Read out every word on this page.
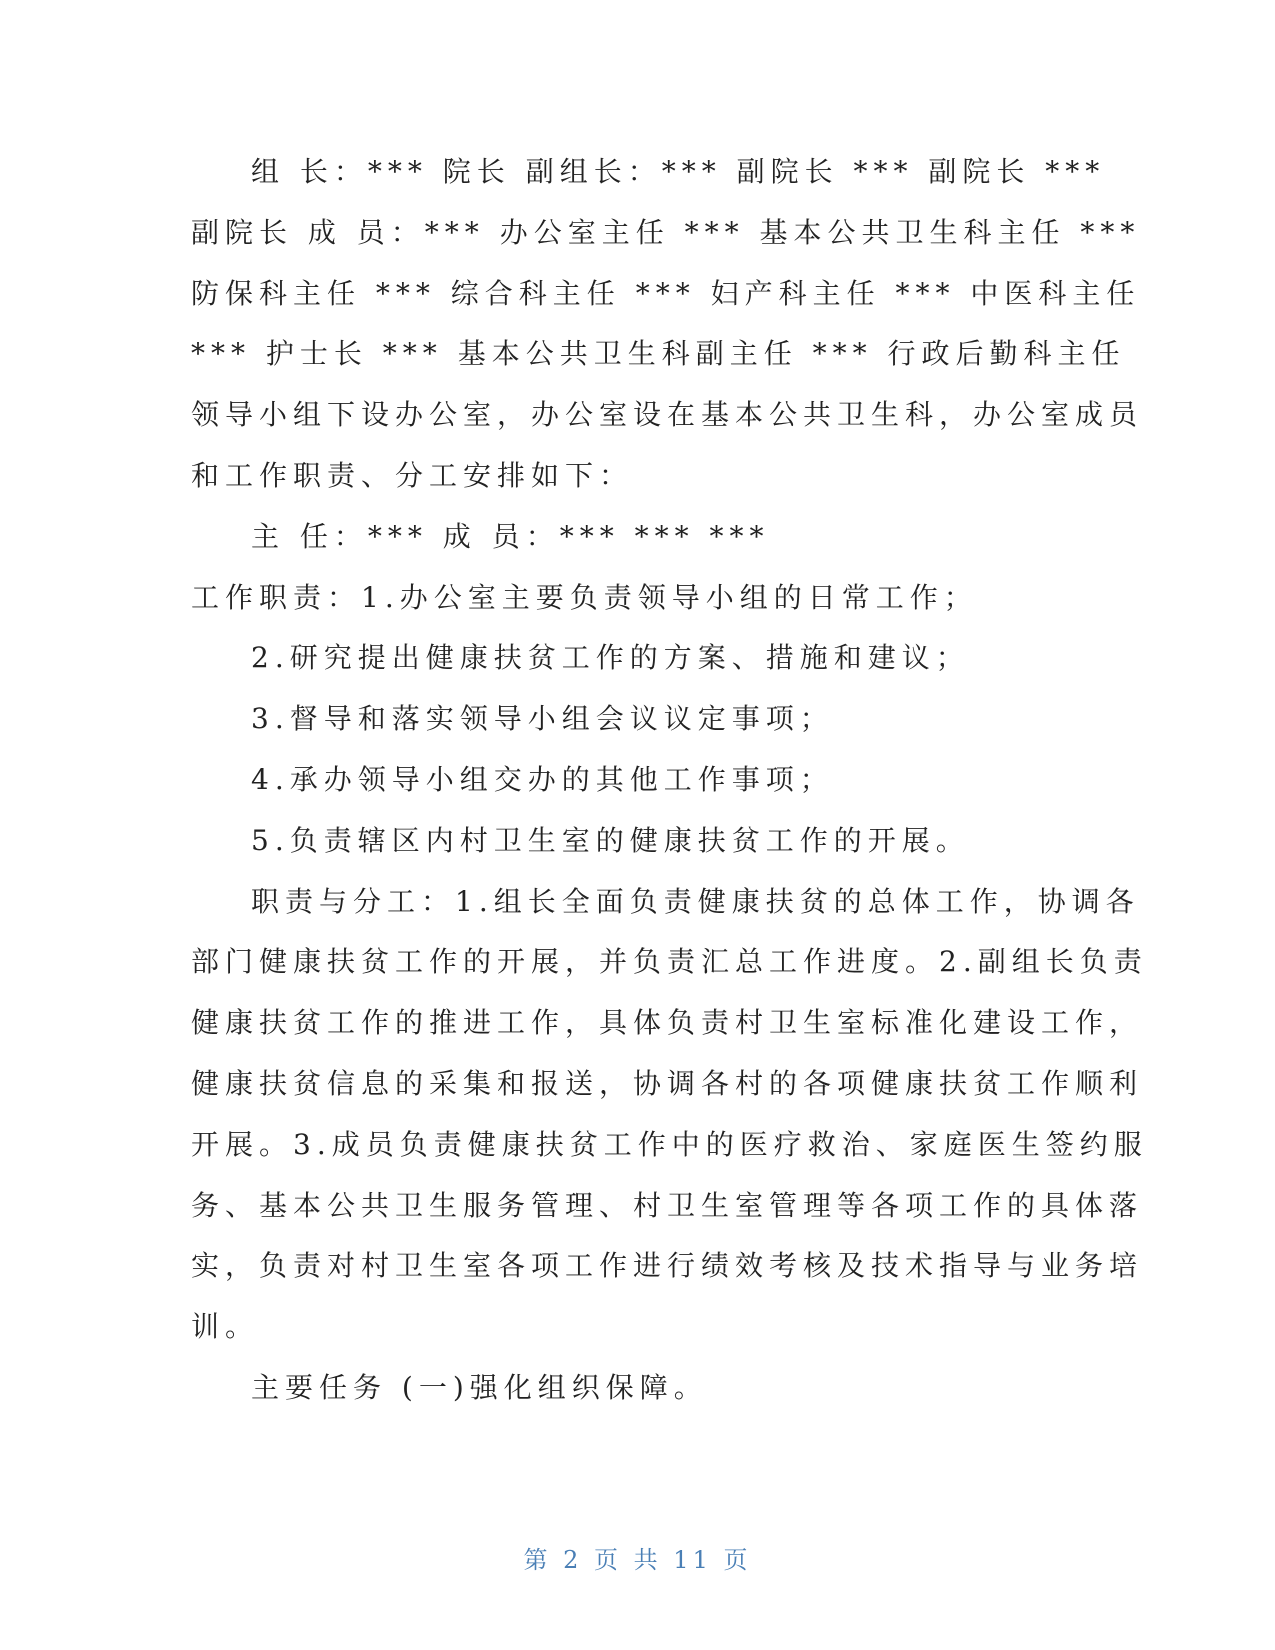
组 长：*** 院长 副组长：*** 副院长 *** 副院长 ***
副院长 成 员：*** 办公室主任 *** 基本公共卫生科主任 ***
防保科主任 *** 综合科主任 *** 妇产科主任 *** 中医科主任
*** 护士长 *** 基本公共卫生科副主任 *** 行政后勤科主任
领导小组下设办公室，办公室设在基本公共卫生科，办公室成员
和工作职责、分工安排如下：
主 任：*** 成 员：*** *** ***
工作职责：1.办公室主要负责领导小组的日常工作；
2.研究提出健康扶贫工作的方案、措施和建议；
3.督导和落实领导小组会议议定事项；
4.承办领导小组交办的其他工作事项；
5.负责辖区内村卫生室的健康扶贫工作的开展。
职责与分工：1.组长全面负责健康扶贫的总体工作，协调各
部门健康扶贫工作的开展，并负责汇总工作进度。2.副组长负责
健康扶贫工作的推进工作，具体负责村卫生室标准化建设工作，
健康扶贫信息的采集和报送，协调各村的各项健康扶贫工作顺利
开展。3.成员负责健康扶贫工作中的医疗救治、家庭医生签约服
务、基本公共卫生服务管理、村卫生室管理等各项工作的具体落
实，负责对村卫生室各项工作进行绩效考核及技术指导与业务培
训。
主要任务 (一)强化组织保障。
第 2 页 共 11 页
